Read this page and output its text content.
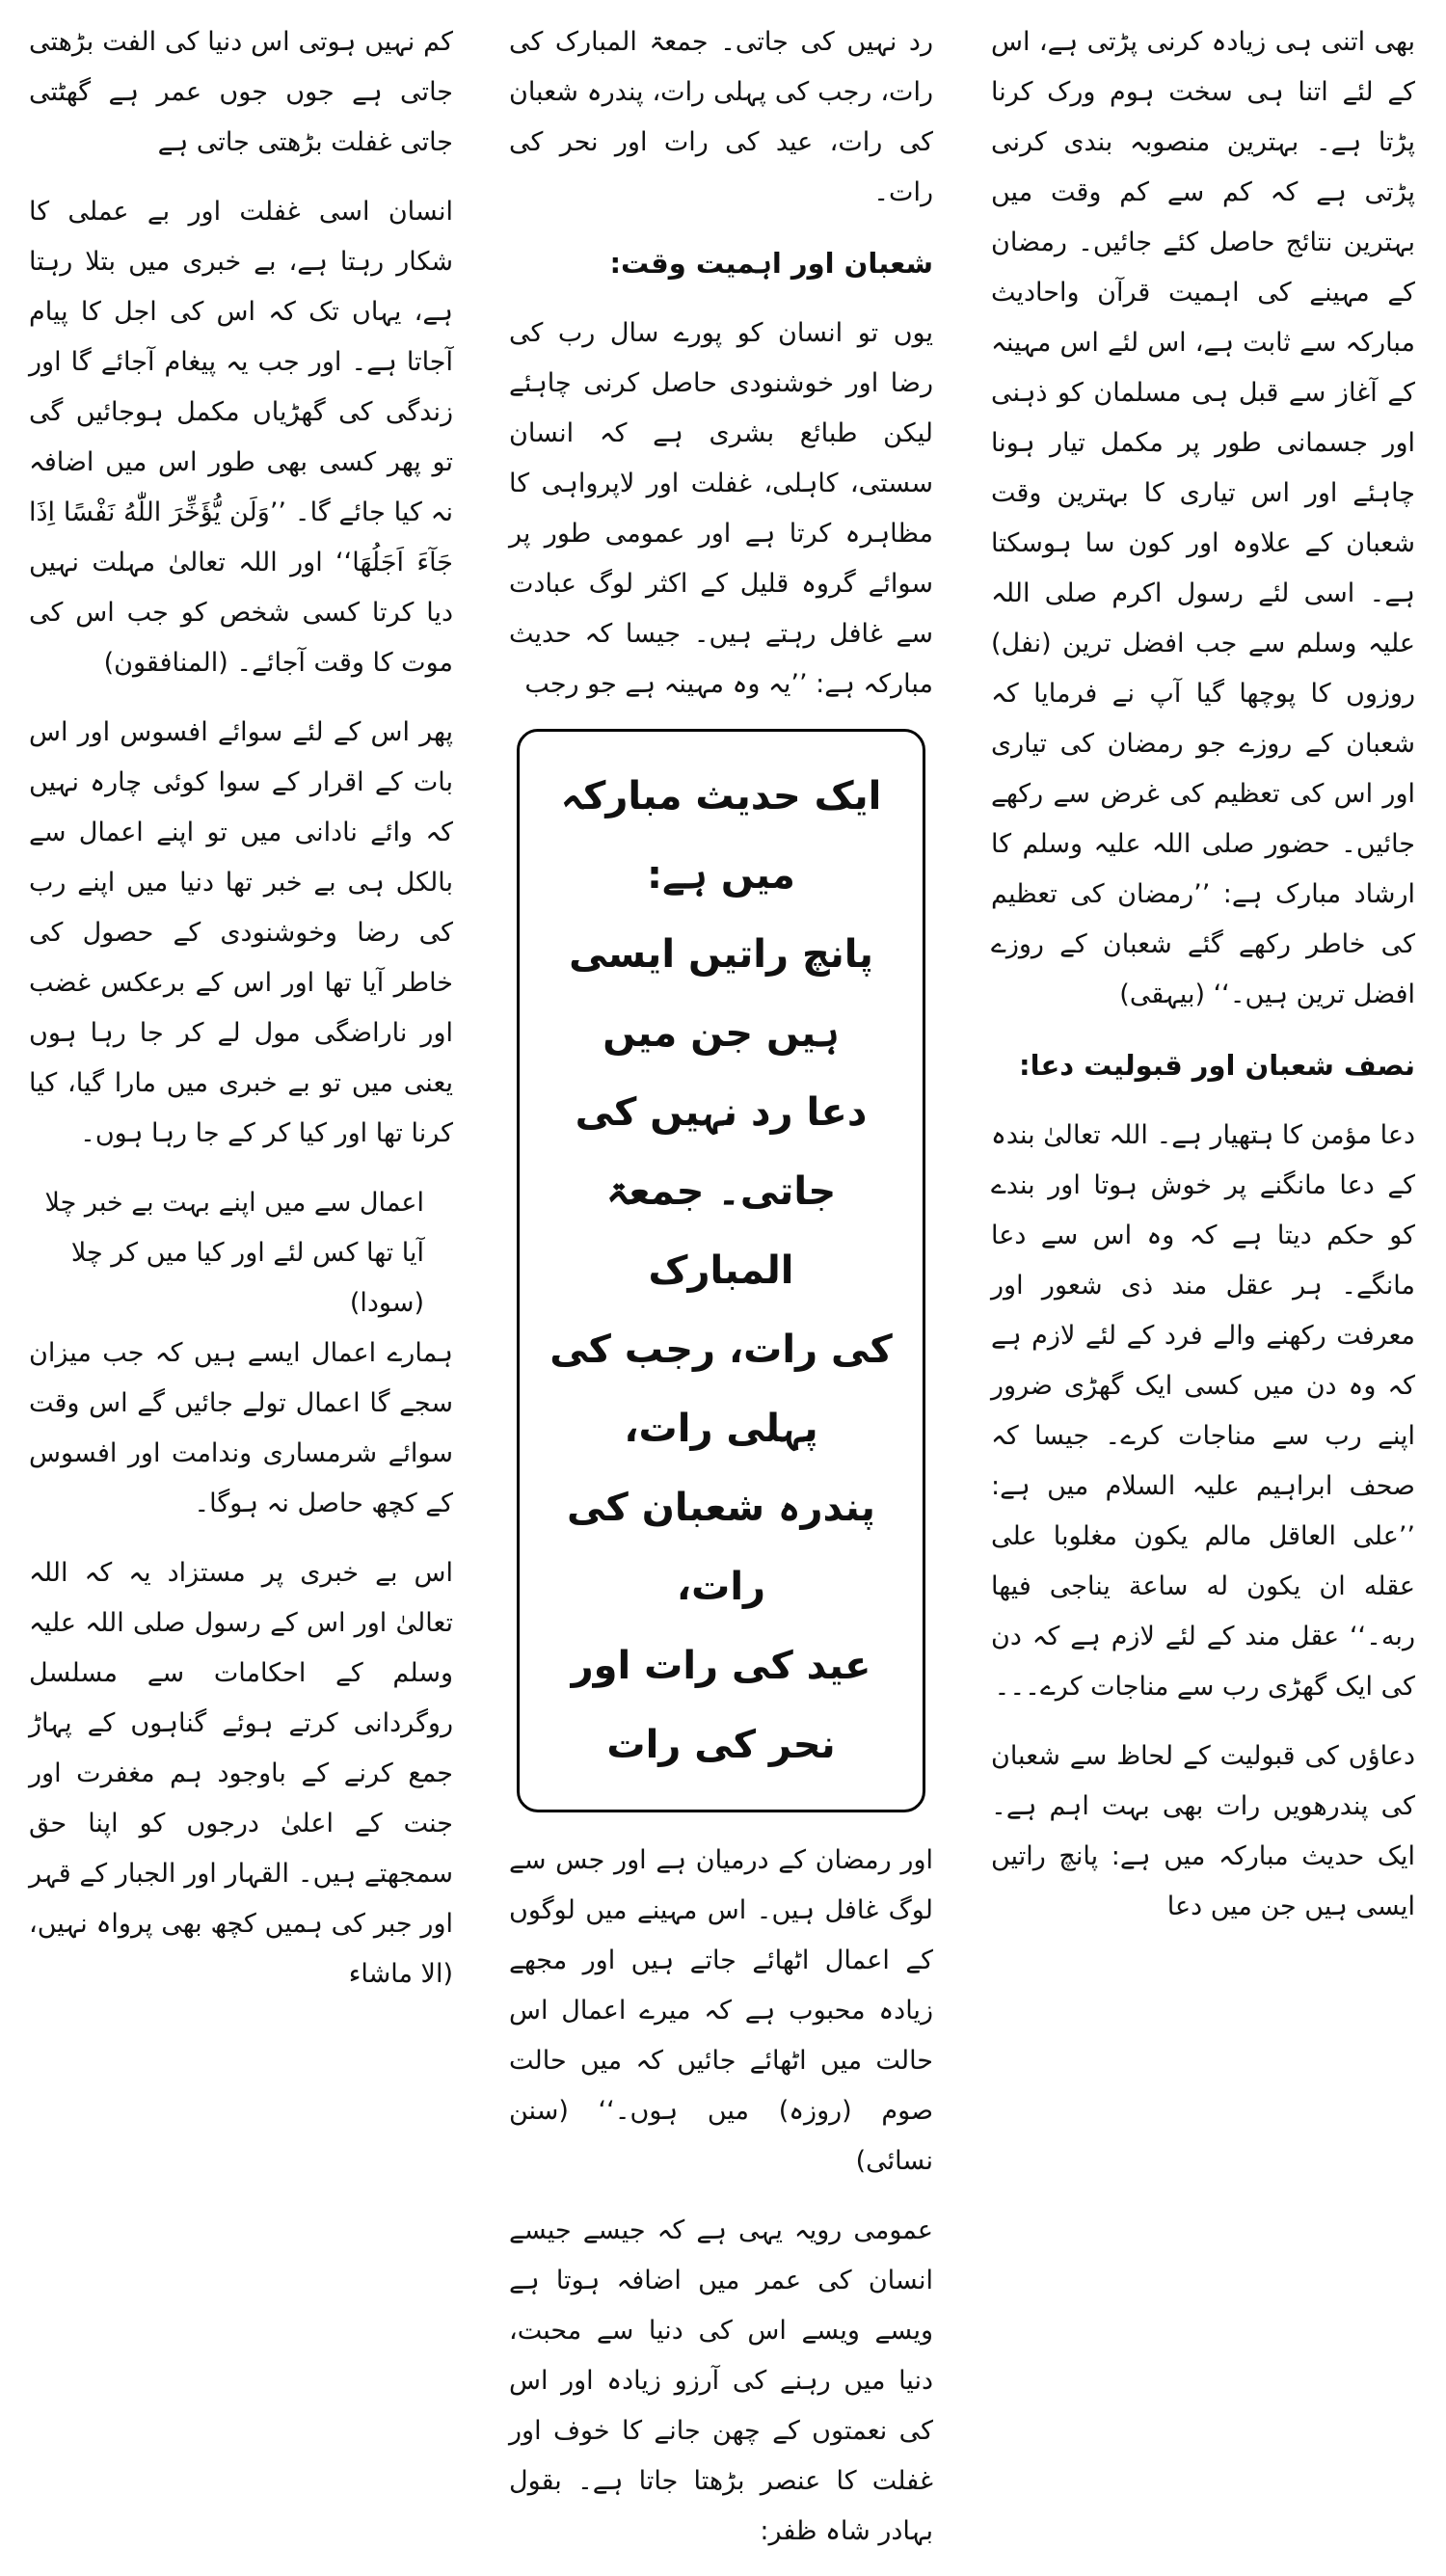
بھی اتنی ہی زیادہ کرنی پڑتی ہے، اس کے لئے اتنا ہی سخت ہوم ورک کرنا پڑتا ہے۔ بہترین منصوبہ بندی کرنی پڑتی ہے کہ کم سے کم وقت میں بہترین نتائج حاصل کئے جائیں۔ رمضان کے مہینے کی اہمیت قرآن واحادیث مبارکہ سے ثابت ہے، اس لئے اس مہینہ کے آغاز سے قبل ہی مسلمان کو ذہنی اور جسمانی طور پر مکمل تیار ہونا چاہئے اور اس تیاری کا بہترین وقت شعبان کے علاوہ اور کون سا ہوسکتا ہے۔ اسی لئے رسول اکرم صلی اللہ علیہ وسلم سے جب افضل ترین (نفل) روزوں کا پوچھا گیا آپ نے فرمایا کہ شعبان کے روزے جو رمضان کی تیاری اور اس کی تعظیم کی غرض سے رکھے جائیں۔ حضور صلی اللہ علیہ وسلم کا ارشاد مبارک ہے: ’’رمضان کی تعظیم کی خاطر رکھے گئے شعبان کے روزے افضل ترین ہیں۔‘‘ (بیہقی)

نصف شعبان اور قبولیت دعا:

دعا مؤمن کا ہتھیار ہے۔ اللہ تعالیٰ بندہ کے دعا مانگنے پر خوش ہوتا اور بندے کو حکم دیتا ہے کہ وہ اس سے دعا مانگے۔ ہر عقل مند ذی شعور اور معرفت رکھنے والے فرد کے لئے لازم ہے کہ وہ دن میں کسی ایک گھڑی ضرور اپنے رب سے مناجات کرے۔ جیسا کہ صحف ابراہیم علیہ السلام میں ہے: ’’على العاقل مالم يكون مغلوبا على عقله ان يكون له ساعة يناجى فيها ربه۔‘‘ عقل مند کے لئے لازم ہے کہ دن کی ایک گھڑی رب سے مناجات کرے۔۔۔

دعاؤں کی قبولیت کے لحاظ سے شعبان کی پندرھویں رات بھی بہت اہم ہے۔ ایک حدیث مبارکہ میں ہے: پانچ راتیں ایسی ہیں جن میں دعا

رد نہیں کی جاتی۔ جمعۃ المبارک کی رات، رجب کی پہلی رات، پندرہ شعبان کی رات، عید کی رات اور نحر کی رات۔

شعبان اور اہمیت وقت:

یوں تو انسان کو پورے سال رب کی رضا اور خوشنودی حاصل کرنی چاہئے لیکن طبائع بشری ہے کہ انسان سستی، کاہلی، غفلت اور لاپرواہی کا مظاہرہ کرتا ہے اور عمومی طور پر سوائے گروہ قلیل کے اکثر لوگ عبادت سے غافل رہتے ہیں۔ جیسا کہ حدیث مبارکہ ہے: ’’یہ وہ مہینہ ہے جو رجب

ایک حدیث مبارکہ میں ہے:

پانچ راتیں ایسی ہیں جن میں

دعا رد نہیں کی جاتی۔ جمعۃ المبارک

کی رات، رجب کی پہلی رات،

پندرہ شعبان کی رات،

عید کی رات اور نحر کی رات

اور رمضان کے درمیان ہے اور جس سے لوگ غافل ہیں۔ اس مہینے میں لوگوں کے اعمال اٹھائے جاتے ہیں اور مجھے زیادہ محبوب ہے کہ میرے اعمال اس حالت میں اٹھائے جائیں کہ میں حالت صوم (روزہ) میں ہوں۔‘‘ (سنن نسائی)

عمومی رویہ یہی ہے کہ جیسے جیسے انسان کی عمر میں اضافہ ہوتا ہے ویسے ویسے اس کی دنیا سے محبت، دنیا میں رہنے کی آرزو زیادہ اور اس کی نعمتوں کے چھن جانے کا خوف اور غفلت کا عنصر بڑھتا جاتا ہے۔ بقول بہادر شاہ ظفر:

کم نہیں ہوتی اس دنیا کی الفت بڑھتی جاتی ہے جوں جوں عمر ہے گھٹتی جاتی غفلت بڑھتی جاتی ہے

انسان اسی غفلت اور بے عملی کا شکار رہتا ہے، بے خبری میں بتلا رہتا ہے، یہاں تک کہ اس کی اجل کا پیام آجاتا ہے۔ اور جب یہ پیغام آجائے گا اور زندگی کی گھڑیاں مکمل ہوجائیں گی تو پھر کسی بھی طور اس میں اضافہ نہ کیا جائے گا۔ ’’وَلَن يُّؤَخِّرَ اللّٰهُ نَفْسًا اِذَا جَآءَ اَجَلُهَا‘‘ اور اللہ تعالیٰ مہلت نہیں دیا کرتا کسی شخص کو جب اس کی موت کا وقت آجائے۔ (المنافقون)

پھر اس کے لئے سوائے افسوس اور اس بات کے اقرار کے سوا کوئی چارہ نہیں کہ وائے نادانی میں تو اپنے اعمال سے بالکل ہی بے خبر تھا دنیا میں اپنے رب کی رضا وخوشنودی کے حصول کی خاطر آیا تھا اور اس کے برعکس غضب اور ناراضگی مول لے کر جا رہا ہوں یعنی میں تو بے خبری میں مارا گیا، کیا کرنا تھا اور کیا کر کے جا رہا ہوں۔

اعمال سے میں اپنے بہت بے خبر چلا

آیا تھا کس لئے اور کیا میں کر چلا

(سودا)

ہمارے اعمال ایسے ہیں کہ جب میزان سجے گا اعمال تولے جائیں گے اس وقت سوائے شرمساری وندامت اور افسوس کے کچھ حاصل نہ ہوگا۔

اس بے خبری پر مستزاد یہ کہ اللہ تعالیٰ اور اس کے رسول صلی اللہ علیہ وسلم کے احکامات سے مسلسل روگردانی کرتے ہوئے گناہوں کے پہاڑ جمع کرنے کے باوجود ہم مغفرت اور جنت کے اعلیٰ درجوں کو اپنا حق سمجھتے ہیں۔ القہار اور الجبار کے قہر اور جبر کی ہمیں کچھ بھی پرواہ نہیں، (الا ماشاء
